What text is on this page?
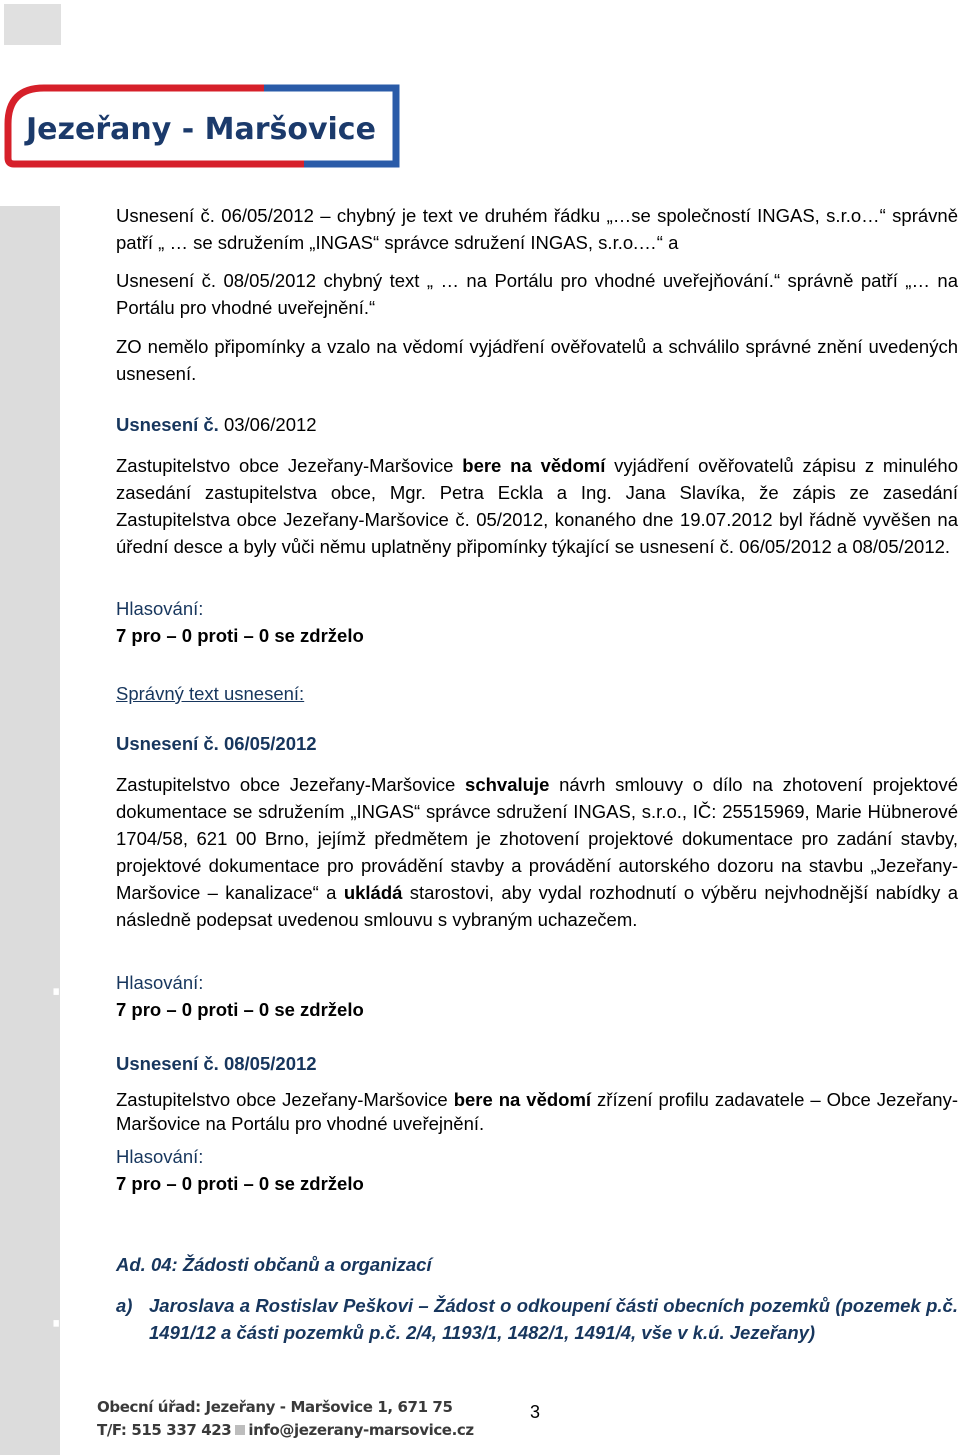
Jezeřany - Maršovice
www.jezerany-marsovice.cz
Usnesení č. 06/05/2012 – chybný je text ve druhém řádku „…se společností INGAS, s.r.o…“ správně patří „ … se sdružením „INGAS“ správce sdružení INGAS, s.r.o.…“ a
Usnesení č. 08/05/2012 chybný text „ … na Portálu pro vhodné uveřejňování.“ správně patří „… na Portálu pro vhodné uveřejnění.“
ZO nemělo připomínky a vzalo na vědomí vyjádření ověřovatelů a schválilo správné znění uvedených usnesení.
Usnesení č. 03/06/2012
Zastupitelstvo obce Jezeřany-Maršovice bere na vědomí vyjádření ověřovatelů zápisu z minulého zasedání zastupitelstva obce, Mgr. Petra Eckla a Ing. Jana Slavíka, že zápis ze zasedání Zastupitelstva obce Jezeřany-Maršovice č. 05/2012, konaného dne 19.07.2012 byl řádně vyvěšen na úřední desce a byly vůči němu uplatněny připomínky týkající se usnesení č. 06/05/2012 a 08/05/2012.
Hlasování:
7 pro – 0 proti – 0 se zdrželo
Správný text usnesení:
Usnesení č. 06/05/2012
Zastupitelstvo obce Jezeřany-Maršovice schvaluje návrh smlouvy o dílo na zhotovení projektové dokumentace se sdružením „INGAS“ správce sdružení INGAS, s.r.o., IČ: 25515969, Marie Hübnerové 1704/58, 621 00 Brno, jejímž předmětem je zhotovení projektové dokumentace pro zadání stavby, projektové dokumentace pro provádění stavby a provádění autorského dozoru na stavbu „Jezeřany-Maršovice – kanalizace“ a ukládá starostovi, aby vydal rozhodnutí o výběru nejvhodnější nabídky a následně podepsat uvedenou smlouvu s vybraným uchazečem.
Hlasování:
7 pro – 0 proti – 0 se zdrželo
Usnesení č. 08/05/2012
Zastupitelstvo obce Jezeřany-Maršovice bere na vědomí zřízení profilu zadavatele – Obce Jezeřany-Maršovice na Portálu pro vhodné uveřejnění.
Hlasování:
7 pro – 0 proti – 0 se zdrželo
Ad. 04: Žádosti občanů a organizací
a) Jaroslava a Rostislav Peškovi – Žádost o odkoupení části obecních pozemků (pozemek p.č. 1491/12 a části pozemků p.č. 2/4, 1193/1, 1482/1, 1491/4, vše v k.ú. Jezeřany)
Obecní úřad: Jezeřany - Maršovice 1, 671 75
T/F: 515 337 423 info@jezerany-marsovice.cz
3
